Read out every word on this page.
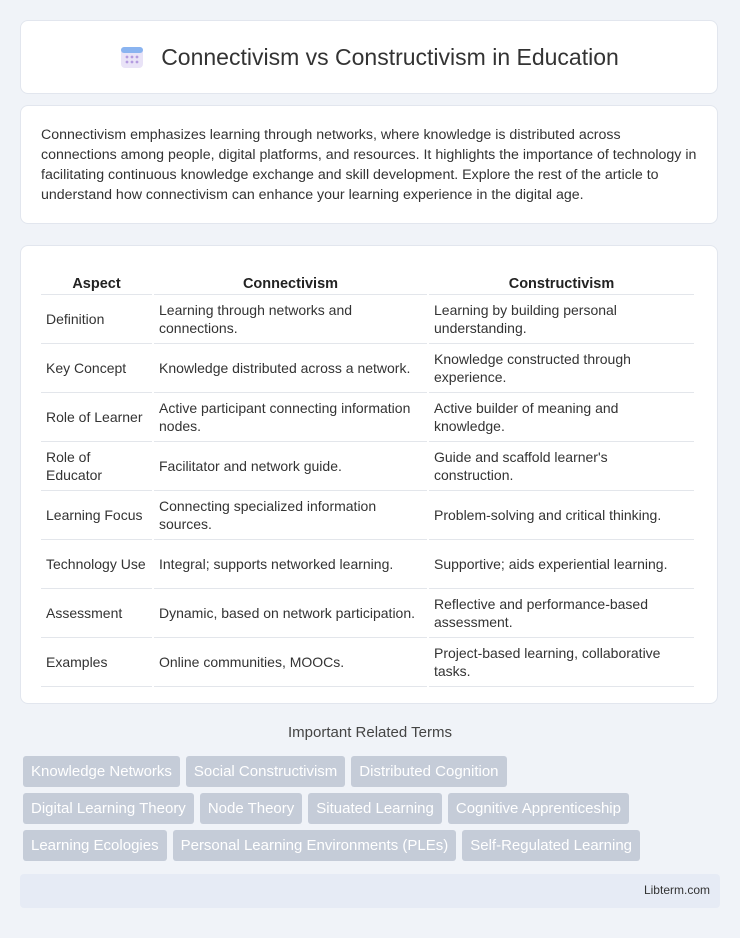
Connectivism vs Constructivism in Education

Connectivism emphasizes learning through networks, where knowledge is distributed across connections among people, digital platforms, and resources. It highlights the importance of technology in facilitating continuous knowledge exchange and skill development. Explore the rest of the article to understand how connectivism can enhance your learning experience in the digital age.

Aspect	Connectivism	Constructivism
Definition	Learning through networks and connections.	Learning by building personal understanding.
Key Concept	Knowledge distributed across a network.	Knowledge constructed through experience.
Role of Learner	Active participant connecting information nodes.	Active builder of meaning and knowledge.
Role of Educator	Facilitator and network guide.	Guide and scaffold learner's construction.
Learning Focus	Connecting specialized information sources.	Problem-solving and critical thinking.
Technology Use	Integral; supports networked learning.	Supportive; aids experiential learning.
Assessment	Dynamic, based on network participation.	Reflective and performance-based assessment.
Examples	Online communities, MOOCs.	Project-based learning, collaborative tasks.
Important Related Terms
Knowledge Networks	Social Constructivism	Distributed Cognition
Digital Learning Theory	Node Theory	Situated Learning	Cognitive Apprenticeship
Learning Ecologies	Personal Learning Environments (PLEs)	Self-Regulated Learning
Libterm.com
